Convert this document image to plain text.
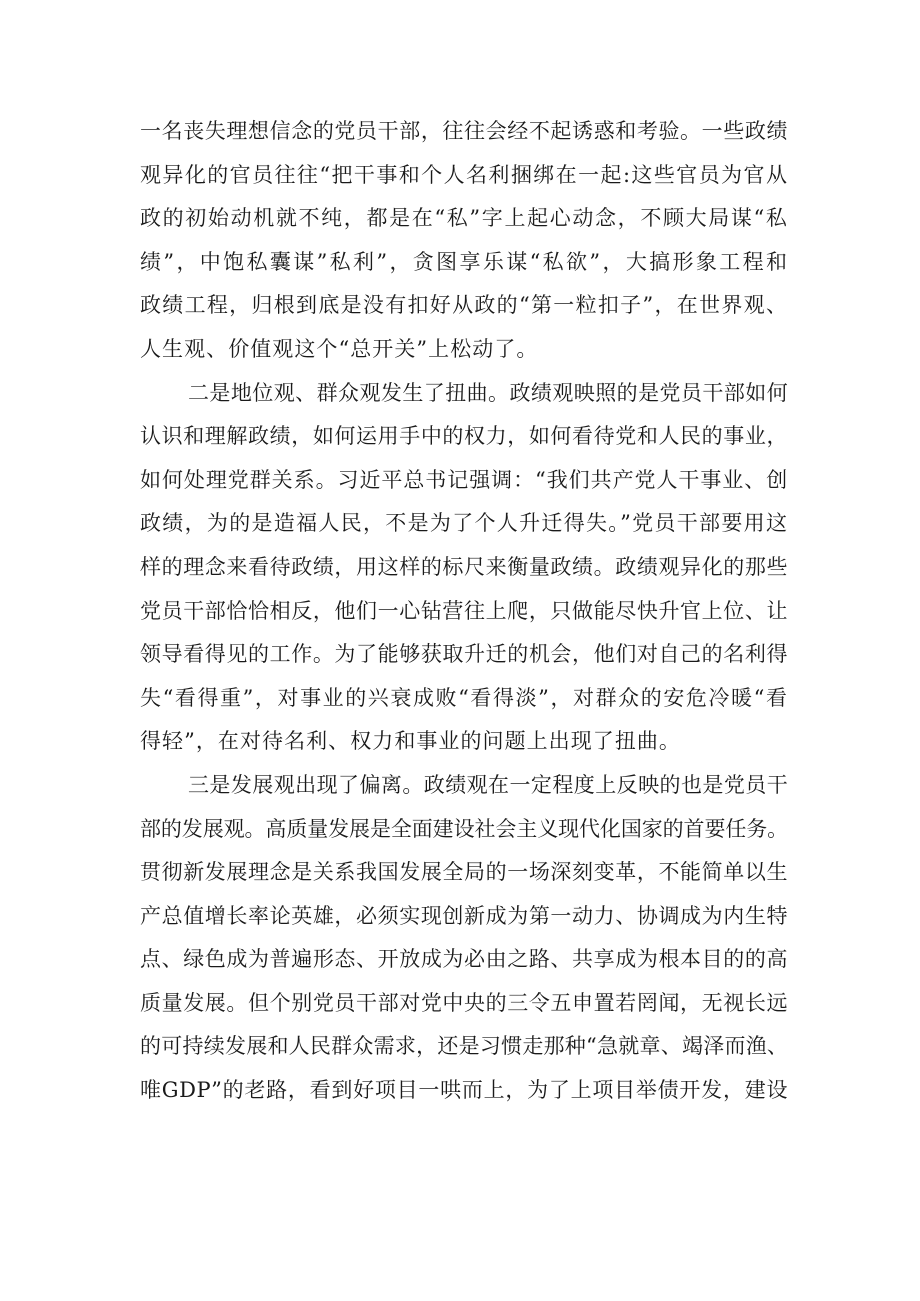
一名丧失理想信念的党员干部，往往会经不起诱惑和考验。一些政绩
观异化的官员往往“把干事和个人名利捆绑在一起:这些官员为官从
政的初始动机就不纯，都是在“私”字上起心动念，不顾大局谋“私
绩”，中饱私囊谋”私利”，贪图享乐谋“私欲”，大搞形象工程和
政绩工程，归根到底是没有扣好从政的“第一粒扣子”，在世界观、
人生观、价值观这个“总开关”上松动了。
二是地位观、群众观发生了扭曲。政绩观映照的是党员干部如何
认识和理解政绩，如何运用手中的权力，如何看待党和人民的事业，
如何处理党群关系。习近平总书记强调：“我们共产党人干事业、创
政绩，为的是造福人民，不是为了个人升迁得失。”党员干部要用这
样的理念来看待政绩，用这样的标尺来衡量政绩。政绩观异化的那些
党员干部恰恰相反，他们一心钻营往上爬，只做能尽快升官上位、让
领导看得见的工作。为了能够获取升迁的机会，他们对自己的名利得
失“看得重”，对事业的兴衰成败“看得淡”，对群众的安危冷暖“看
得轻”，在对待名利、权力和事业的问题上出现了扭曲。
三是发展观出现了偏离。政绩观在一定程度上反映的也是党员干
部的发展观。高质量发展是全面建设社会主义现代化国家的首要任务。
贯彻新发展理念是关系我国发展全局的一场深刻变革，不能简单以生
产总值增长率论英雄，必须实现创新成为第一动力、协调成为内生特
点、绿色成为普遍形态、开放成为必由之路、共享成为根本目的的高
质量发展。但个别党员干部对党中央的三令五申置若罔闻，无视长远
的可持续发展和人民群众需求，还是习惯走那种“急就章、竭泽而渔、
唯GDP”的老路，看到好项目一哄而上，为了上项目举债开发，建设
